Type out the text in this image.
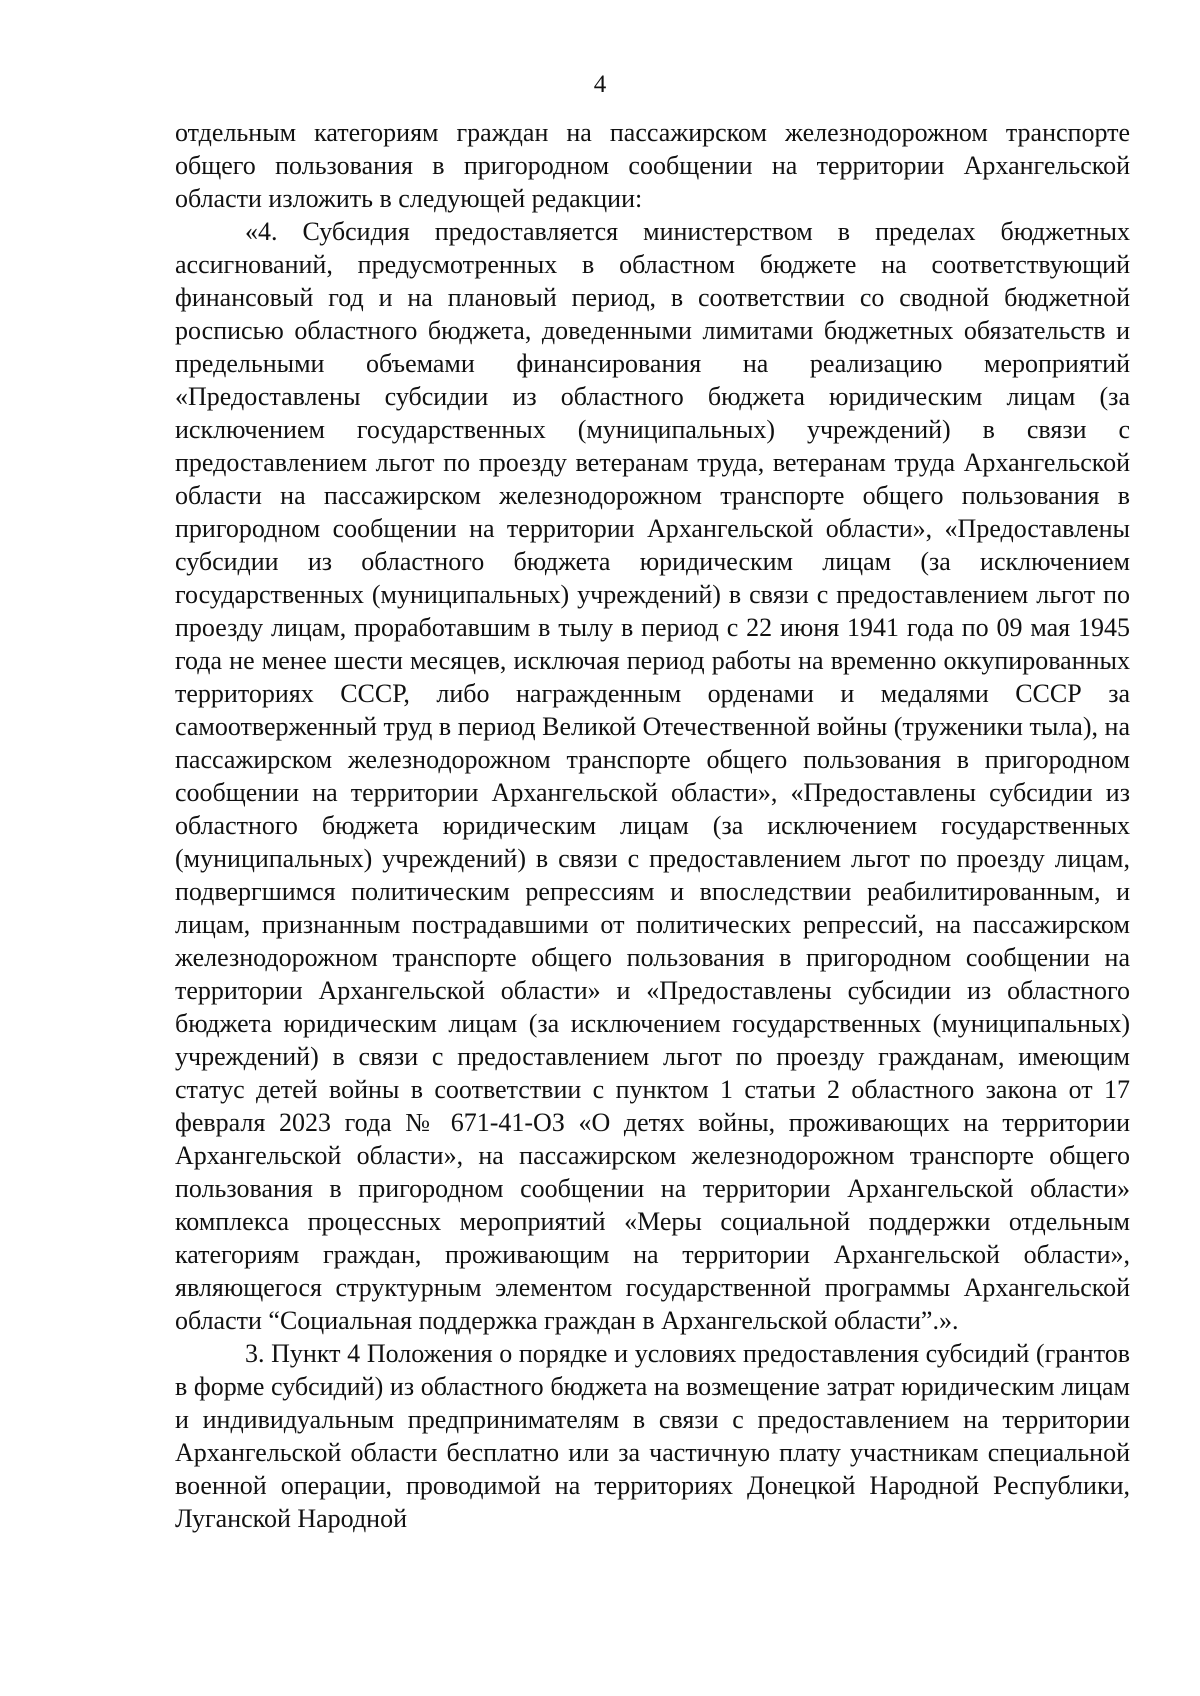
4

отдельным категориям граждан на пассажирском железнодорожном транспорте общего пользования в пригородном сообщении на территории Архангельской области изложить в следующей редакции:

«4. Субсидия предоставляется министерством в пределах бюджетных ассигнований, предусмотренных в областном бюджете на соответствующий финансовый год и на плановый период, в соответствии со сводной бюджетной росписью областного бюджета, доведенными лимитами бюджетных обязательств и предельными объемами финансирования на реализацию мероприятий «Предоставлены субсидии из областного бюджета юридическим лицам (за исключением государственных (муниципальных) учреждений) в связи с предоставлением льгот по проезду ветеранам труда, ветеранам труда Архангельской области на пассажирском железнодорожном транспорте общего пользования в пригородном сообщении на территории Архангельской области», «Предоставлены субсидии из областного бюджета юридическим лицам (за исключением государственных (муниципальных) учреждений) в связи с предоставлением льгот по проезду лицам, проработавшим в тылу в период с 22 июня 1941 года по 09 мая 1945 года не менее шести месяцев, исключая период работы на временно оккупированных территориях СССР, либо награжденным орденами и медалями СССР за самоотверженный труд в период Великой Отечественной войны (труженики тыла), на пассажирском железнодорожном транспорте общего пользования в пригородном сообщении на территории Архангельской области», «Предоставлены субсидии из областного бюджета юридическим лицам (за исключением государственных (муниципальных) учреждений) в связи с предоставлением льгот по проезду лицам, подвергшимся политическим репрессиям и впоследствии реабилитированным, и лицам, признанным пострадавшими от политических репрессий, на пассажирском железнодорожном транспорте общего пользования в пригородном сообщении на территории Архангельской области» и «Предоставлены субсидии из областного бюджета юридическим лицам (за исключением государственных (муниципальных) учреждений) в связи с предоставлением льгот по проезду гражданам, имеющим статус детей войны в соответствии с пунктом 1 статьи 2 областного закона от 17 февраля 2023 года № 671-41-ОЗ «О детях войны, проживающих на территории Архангельской области», на пассажирском железнодорожном транспорте общего пользования в пригородном сообщении на территории Архангельской области» комплекса процессных мероприятий «Меры социальной поддержки отдельным категориям граждан, проживающим на территории Архангельской области», являющегося структурным элементом государственной программы Архангельской области “Социальная поддержка граждан в Архангельской области”.».

3. Пункт 4 Положения о порядке и условиях предоставления субсидий (грантов в форме субсидий) из областного бюджета на возмещение затрат юридическим лицам и индивидуальным предпринимателям в связи с предоставлением на территории Архангельской области бесплатно или за частичную плату участникам специальной военной операции, проводимой на территориях Донецкой Народной Республики, Луганской Народной
